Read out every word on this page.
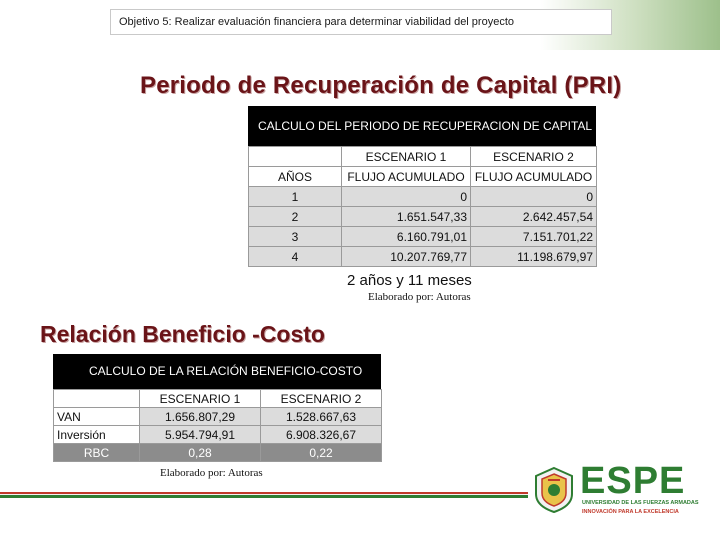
Objetivo 5: Realizar evaluación financiera para determinar viabilidad del proyecto
Periodo de Recuperación de Capital (PRI)
CALCULO DEL PERIODO DE RECUPERACION DE CAPITAL
	ESCENARIO 1	ESCENARIO 2
AÑOS	FLUJO ACUMULADO	FLUJO ACUMULADO
1	0	0
2	1.651.547,33	2.642.457,54
3	6.160.791,01	7.151.701,22
4	10.207.769,77	11.198.679,97
2 años y 11 meses
Elaborado por: Autoras
Relación Beneficio -Costo
CALCULO DE LA RELACIÓN BENEFICIO-COSTO
	ESCENARIO 1	ESCENARIO 2
VAN	1.656.807,29	1.528.667,63
Inversión	5.954.794,91	6.908.326,67
RBC	0,28	0,22
Elaborado por: Autoras	ESPE
UNIVERSIDAD DE LAS FUERZAS ARMADAS
INNOVACIÓN PARA LA EXCELENCIA
